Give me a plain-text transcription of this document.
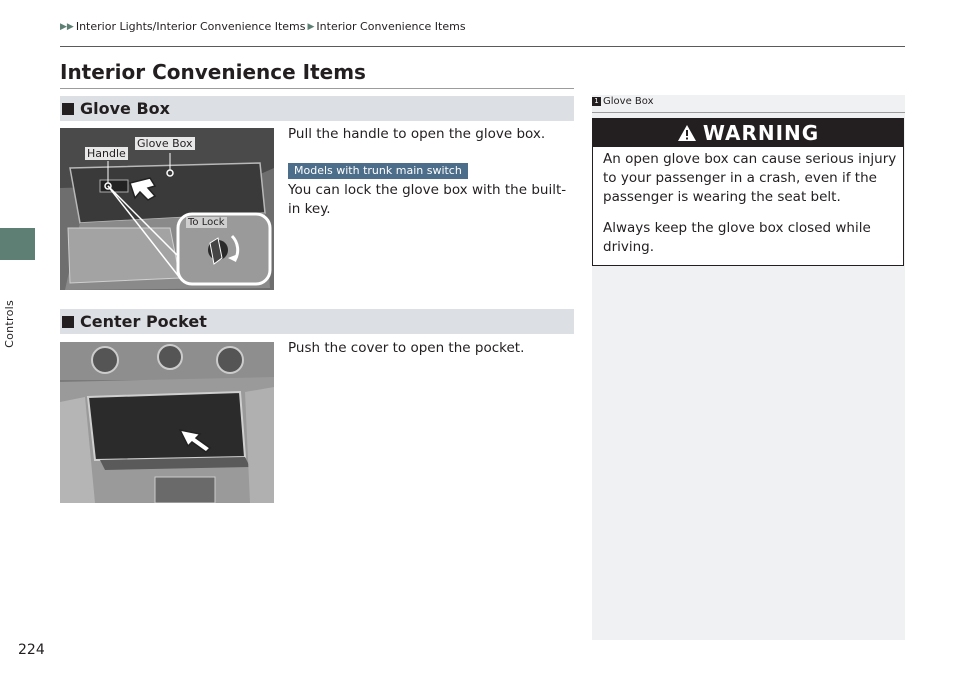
Controls
▶▶ Interior Lights/Interior Convenience Items ▶ Interior Convenience Items
Interior Convenience Items
Glove Box
Handle
Glove Box
To Lock
Pull the handle to open the glove box.
Models with trunk main switch
You can lock the glove box with the built-in key.
Center Pocket
Push the cover to open the pocket.
1 Glove Box
WARNING
An open glove box can cause serious injury to your passenger in a crash, even if the passenger is wearing the seat belt.
Always keep the glove box closed while driving.
224
